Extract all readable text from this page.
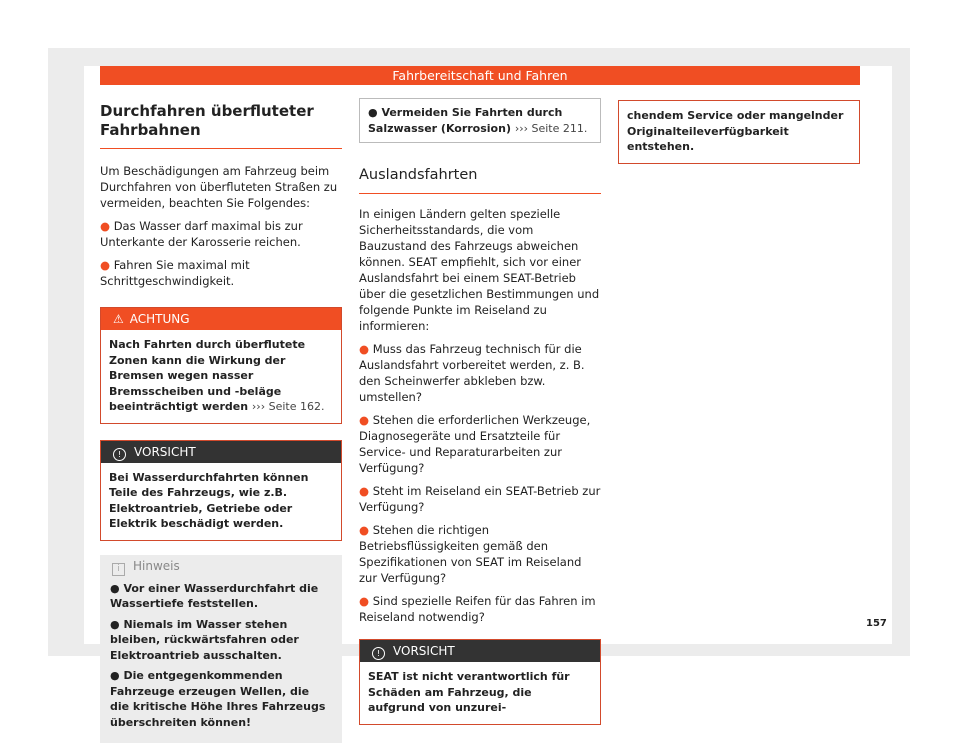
Fahrbereitschaft und Fahren
Durchfahren überfluteter Fahrbahnen

Um Beschädigungen am Fahrzeug beim Durchfahren von überfluteten Straßen zu vermeiden, beachten Sie Folgendes:

● Das Wasser darf maximal bis zur Unterkante der Karosserie reichen.
● Fahren Sie maximal mit Schrittgeschwindigkeit.
⚠ ACHTUNG
Nach Fahrten durch überflutete Zonen kann die Wirkung der Bremsen wegen nasser Bremsscheiben und -beläge beeinträchtigt werden ››› Seite 162.
! VORSICHT
Bei Wasserdurchfahrten können Teile des Fahrzeugs, wie z.B. Elektroantrieb, Getriebe oder Elektrik beschädigt werden.
i Hinweis
● Vor einer Wasserdurchfahrt die Wassertiefe feststellen.
● Niemals im Wasser stehen bleiben, rückwärtsfahren oder Elektroantrieb ausschalten.
● Die entgegenkommenden Fahrzeuge erzeugen Wellen, die die kritische Höhe Ihres Fahrzeugs überschreiten können!
● Vermeiden Sie Fahrten durch Salzwasser (Korrosion) ››› Seite 211.
Auslandsfahrten

In einigen Ländern gelten spezielle Sicherheitsstandards, die vom Bauzustand des Fahrzeugs abweichen können. SEAT empfiehlt, sich vor einer Auslandsfahrt bei einem SEAT-Betrieb über die gesetzlichen Bestimmungen und folgende Punkte im Reiseland zu informieren:

● Muss das Fahrzeug technisch für die Auslandsfahrt vorbereitet werden, z. B. den Scheinwerfer abkleben bzw. umstellen?
● Stehen die erforderlichen Werkzeuge, Diagnosegeräte und Ersatzteile für Service- und Reparaturarbeiten zur Verfügung?
● Steht im Reiseland ein SEAT-Betrieb zur Verfügung?
● Stehen die richtigen Betriebsflüssigkeiten gemäß den Spezifikationen von SEAT im Reiseland zur Verfügung?
● Sind spezielle Reifen für das Fahren im Reiseland notwendig?
! VORSICHT
SEAT ist nicht verantwortlich für Schäden am Fahrzeug, die aufgrund von unzurei-
chendem Service oder mangelnder Originalteileverfügbarkeit entstehen.
157
